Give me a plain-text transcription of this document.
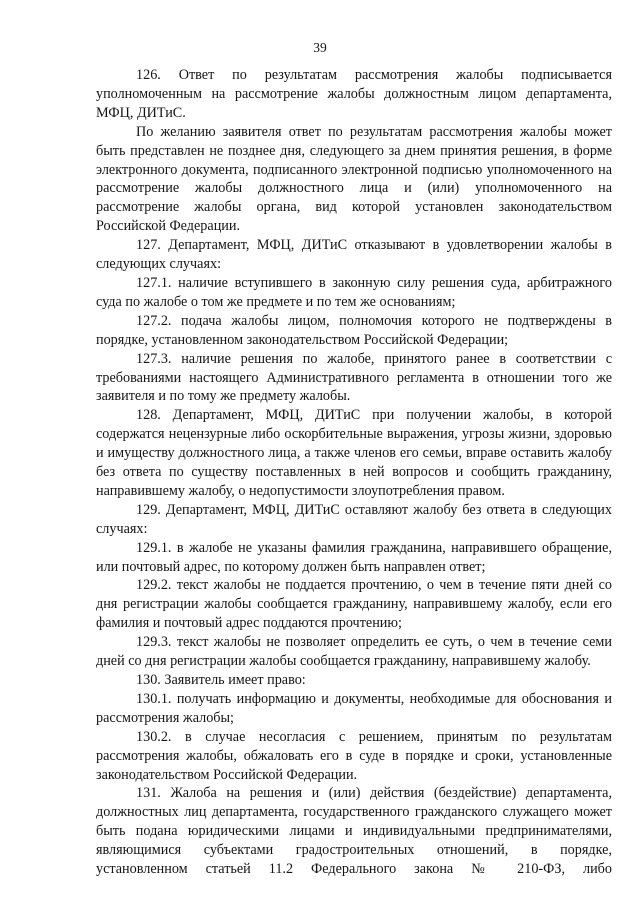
39

126. Ответ по результатам рассмотрения жалобы подписывается уполномоченным на рассмотрение жалобы должностным лицом департамента, МФЦ, ДИТиС.

По желанию заявителя ответ по результатам рассмотрения жалобы может быть представлен не позднее дня, следующего за днем принятия решения, в форме электронного документа, подписанного электронной подписью уполномоченного на рассмотрение жалобы должностного лица и (или) уполномоченного на рассмотрение жалобы органа, вид которой установлен законодательством Российской Федерации.

127. Департамент, МФЦ, ДИТиС отказывают в удовлетворении жалобы в следующих случаях:

127.1. наличие вступившего в законную силу решения суда, арбитражного суда по жалобе о том же предмете и по тем же основаниям;

127.2. подача жалобы лицом, полномочия которого не подтверждены в порядке, установленном законодательством Российской Федерации;

127.3. наличие решения по жалобе, принятого ранее в соответствии с требованиями настоящего Административного регламента в отношении того же заявителя и по тому же предмету жалобы.

128. Департамент, МФЦ, ДИТиС при получении жалобы, в которой содержатся нецензурные либо оскорбительные выражения, угрозы жизни, здоровью и имуществу должностного лица, а также членов его семьи, вправе оставить жалобу без ответа по существу поставленных в ней вопросов и сообщить гражданину, направившему жалобу, о недопустимости злоупотребления правом.

129. Департамент, МФЦ, ДИТиС оставляют жалобу без ответа в следующих случаях:

129.1. в жалобе не указаны фамилия гражданина, направившего обращение, или почтовый адрес, по которому должен быть направлен ответ;

129.2. текст жалобы не поддается прочтению, о чем в течение пяти дней со дня регистрации жалобы сообщается гражданину, направившему жалобу, если его фамилия и почтовый адрес поддаются прочтению;

129.3. текст жалобы не позволяет определить ее суть, о чем в течение семи дней со дня регистрации жалобы сообщается гражданину, направившему жалобу.

130. Заявитель имеет право:

130.1. получать информацию и документы, необходимые для обоснования и рассмотрения жалобы;

130.2. в случае несогласия с решением, принятым по результатам рассмотрения жалобы, обжаловать его в суде в порядке и сроки, установленные законодательством Российской Федерации.

131. Жалоба на решения и (или) действия (бездействие) департамента, должностных лиц департамента, государственного гражданского служащего может быть подана юридическими лицами и индивидуальными предпринимателями, являющимися субъектами градостроительных отношений, в порядке, установленном статьей 11.2 Федерального закона № 210-ФЗ, либо
